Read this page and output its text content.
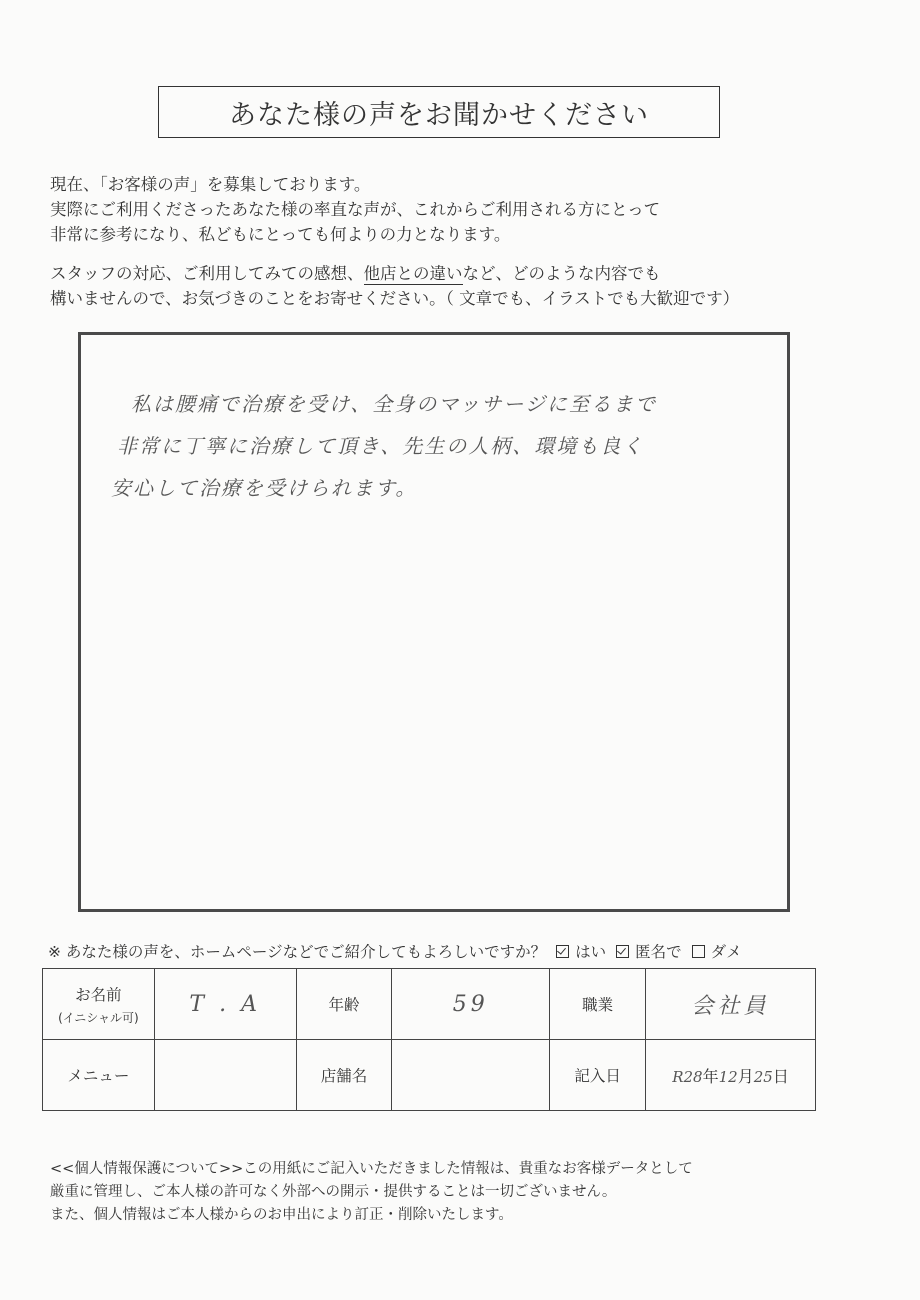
あなた様の声をお聞かせください
現在、「お客様の声」を募集しております。
実際にご利用くださったあなた様の率直な声が、これからご利用される方にとって
非常に参考になり、私どもにとっても何よりの力となります。
スタッフの対応、ご利用してみての感想、他店との違いなど、どのような内容でも
構いませんので、お気づきのことをお寄せください。（ 文章でも、イラストでも大歓迎です）
私は腰痛で治療を受け、全身のマッサージに至るまで
非常に丁寧に治療して頂き、先生の人柄、環境も良く
安心して治療を受けられます。
※ あなた様の声を、ホームページなどでご紹介してもよろしいですか？ はい 匿名で ダメ
お名前
(イニシャル可)	T . A	年齢	59	職業	会社員
メニュー		店舗名		記入日	R28年12月25日
<<個人情報保護について>>この用紙にご記入いただきました情報は、貴重なお客様データとして
厳重に管理し、ご本人様の許可なく外部への開示・提供することは一切ございません。
また、個人情報はご本人様からのお申出により訂正・削除いたします。
